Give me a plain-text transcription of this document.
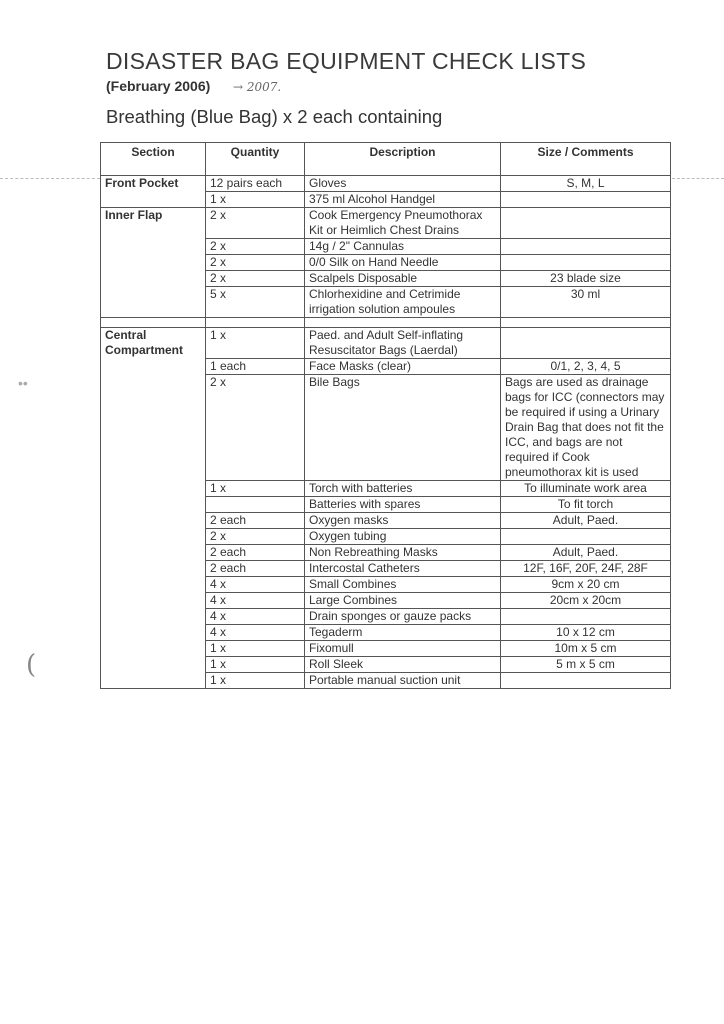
DISASTER BAG EQUIPMENT CHECK LISTS
(February 2006) → 2007.
Breathing (Blue Bag) x 2 each containing
••
(
Section	Quantity	Description	Size / Comments
Front Pocket	12 pairs each	Gloves	S, M, L
	1 x	375 ml Alcohol Handgel	
Inner Flap	2 x	Cook Emergency Pneumothorax Kit or Heimlich Chest Drains	
	2 x	14g / 2" Cannulas	
	2 x	0/0 Silk on Hand Needle	
	2 x	Scalpels Disposable	23 blade size
	5 x	Chlorhexidine and Cetrimide irrigation solution ampoules	30 ml

Central Compartment	1 x	Paed. and Adult Self-inflating Resuscitator Bags (Laerdal)	
	1 each	Face Masks (clear)	0/1, 2, 3, 4, 5
	2 x	Bile Bags	Bags are used as drainage bags for ICC (connectors may be required if using a Urinary Drain Bag that does not fit the ICC, and bags are not required if Cook pneumothorax kit is used
	1 x	Torch with batteries	To illuminate work area
		Batteries with spares	To fit torch
	2 each	Oxygen masks	Adult, Paed.
	2 x	Oxygen tubing	
	2 each	Non Rebreathing Masks	Adult, Paed.
	2 each	Intercostal Catheters	12F, 16F, 20F, 24F, 28F
	4 x	Small Combines	9cm x 20 cm
	4 x	Large Combines	20cm x 20cm
	4 x	Drain sponges or gauze packs	
	4 x	Tegaderm	10 x 12 cm
	1 x	Fixomull	10m x 5 cm
	1 x	Roll Sleek	5 m x 5 cm
	1 x	Portable manual suction unit	
